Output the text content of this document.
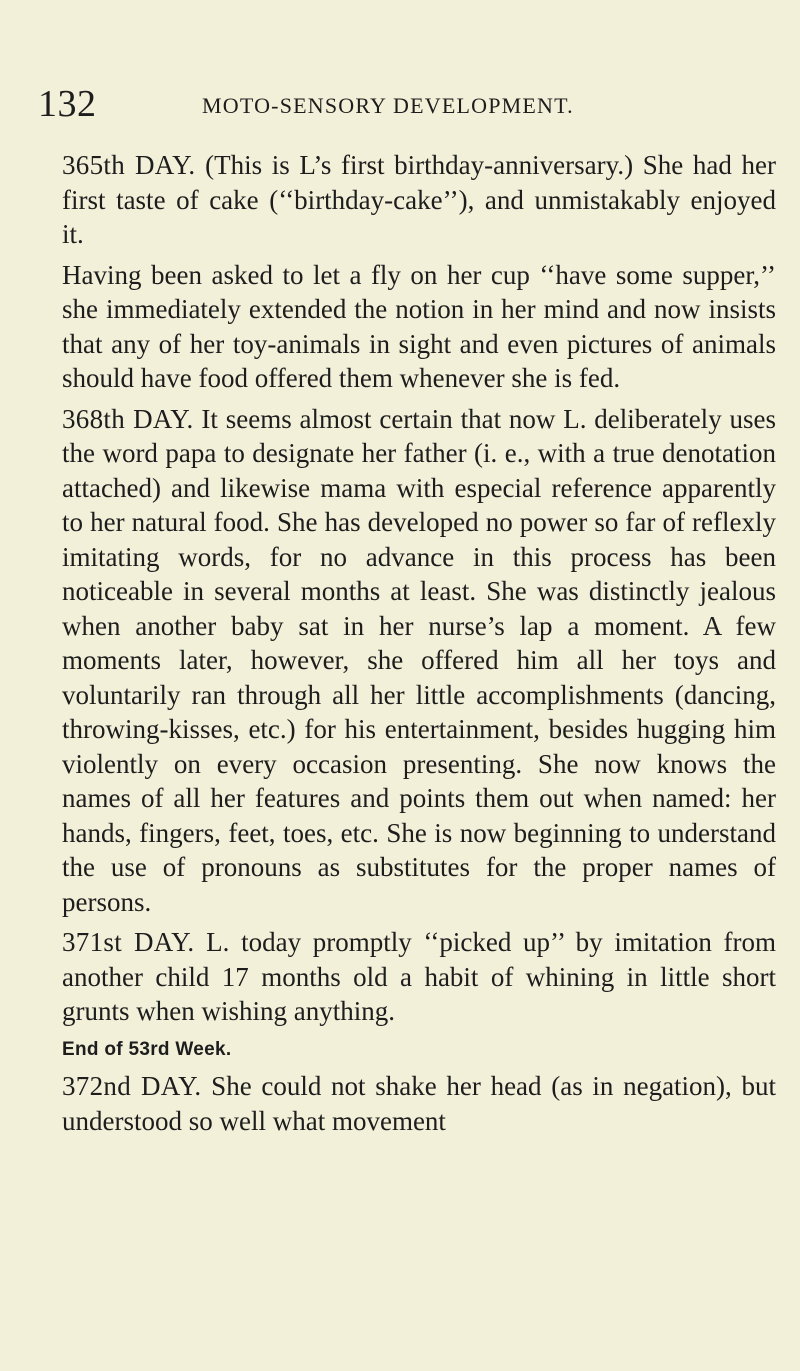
132	MOTO-SENSORY DEVELOPMENT.

365th DAY. (This is L’s first birthday-anniversary.) She had her first taste of cake (‘‘birthday-cake’’), and unmistakably enjoyed it.

Having been asked to let a fly on her cup ‘‘have some supper,’’ she immediately extended the notion in her mind and now insists that any of her toy-animals in sight and even pictures of animals should have food offered them whenever she is fed.

368th DAY. It seems almost certain that now L. deliberately uses the word papa to designate her father (i. e., with a true denotation attached) and likewise mama with especial reference apparently to her natural food. She has developed no power so far of reflexly imitating words, for no advance in this process has been noticeable in several months at least. She was distinctly jealous when another baby sat in her nurse’s lap a moment. A few moments later, however, she offered him all her toys and voluntarily ran through all her little accomplishments (dancing, throwing-kisses, etc.) for his entertainment, besides hugging him violently on every occasion presenting. She now knows the names of all her features and points them out when named: her hands, fingers, feet, toes, etc. She is now beginning to understand the use of pronouns as substitutes for the proper names of persons.

371st DAY. L. today promptly ‘‘picked up’’ by imitation from another child 17 months old a habit of whining in little short grunts when wishing anything.

End of 53rd Week.

372nd DAY. She could not shake her head (as in negation), but understood so well what movement
